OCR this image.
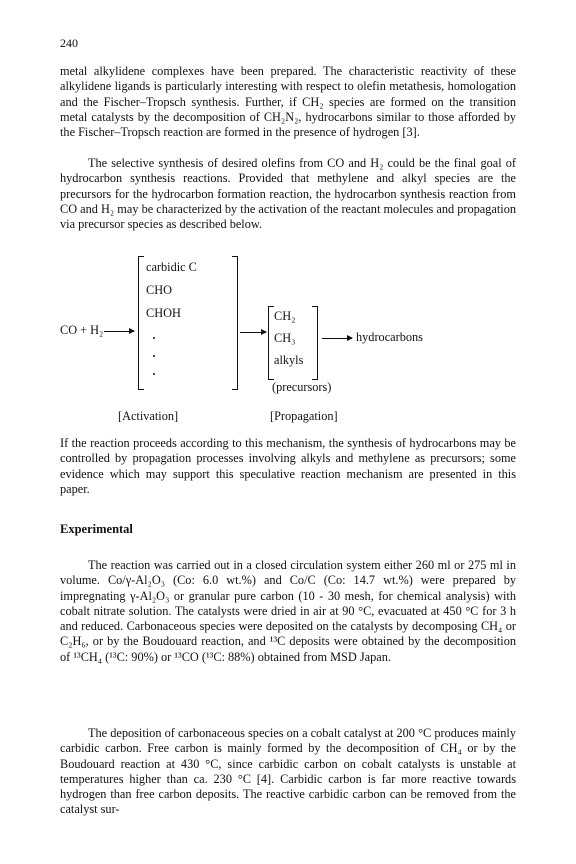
240
metal alkylidene complexes have been prepared. The characteristic reactivity of these alkylidene ligands is particularly interesting with respect to olefin metathesis, homologation and the Fischer–Tropsch synthesis. Further, if CH₂ species are formed on the transition metal catalysts by the decomposition of CH₂N₂, hydrocarbons similar to those afforded by the Fischer–Tropsch reaction are formed in the presence of hydrogen [3].
The selective synthesis of desired olefins from CO and H₂ could be the final goal of hydrocarbon synthesis reactions. Provided that methylene and alkyl species are the precursors for the hydrocarbon formation reaction, the hydrocarbon synthesis reaction from CO and H₂ may be characterized by the activation of the reactant molecules and propagation via precursor species as described below.
carbidic C
CHO
CHOH
CO + H₂
CH₂
CH₃
alkyls
hydrocarbons
(precursors)
[Activation]	[Propagation]
If the reaction proceeds according to this mechanism, the synthesis of hydrocarbons may be controlled by propagation processes involving alkyls and methylene as precursors; some evidence which may support this speculative reaction mechanism are presented in this paper.
Experimental
The reaction was carried out in a closed circulation system either 260 ml or 275 ml in volume. Co/γ-Al₂O₃ (Co: 6.0 wt.%) and Co/C (Co: 14.7 wt.%) were prepared by impregnating γ-Al₂O₃ or granular pure carbon (10 - 30 mesh, for chemical analysis) with cobalt nitrate solution. The catalysts were dried in air at 90 °C, evacuated at 450 °C for 3 h and reduced. Carbonaceous species were deposited on the catalysts by decomposing CH₄ or C₂H₆, or by the Boudouard reaction, and ¹³C deposits were obtained by the decomposition of ¹³CH₄ (¹³C: 90%) or ¹³CO (¹³C: 88%) obtained from MSD Japan.
The deposition of carbonaceous species on a cobalt catalyst at 200 °C produces mainly carbidic carbon. Free carbon is mainly formed by the decomposition of CH₄ or by the Boudouard reaction at 430 °C, since carbidic carbon on cobalt catalysts is unstable at temperatures higher than ca. 230 °C [4]. Carbidic carbon is far more reactive towards hydrogen than free carbon deposits. The reactive carbidic carbon can be removed from the catalyst sur-
